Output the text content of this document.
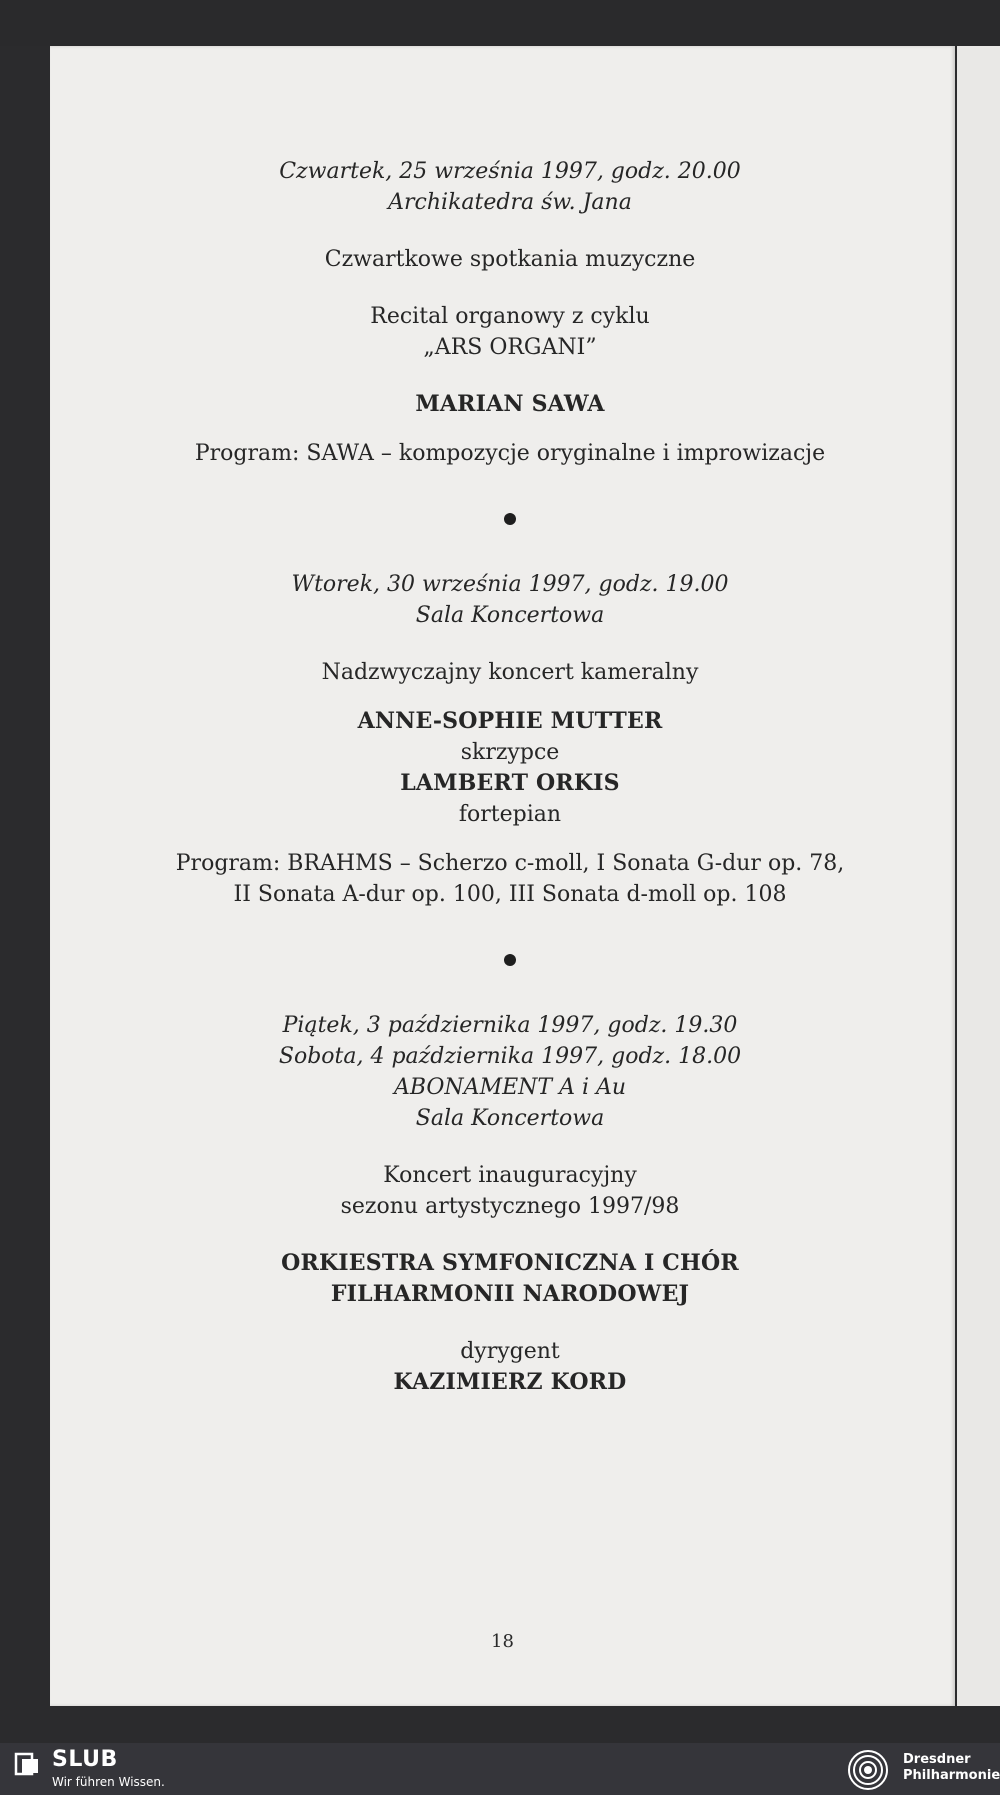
Czwartek, 25 września 1997, godz. 20.00

Archikatedra św. Jana

Czwartkowe spotkania muzyczne

Recital organowy z cyklu

„ARS ORGANI”

MARIAN SAWA

Program: SAWA – kompozycje oryginalne i improwizacje

Wtorek, 30 września 1997, godz. 19.00

Sala Koncertowa

Nadzwyczajny koncert kameralny

ANNE-SOPHIE MUTTER

skrzypce

LAMBERT ORKIS

fortepian

Program: BRAHMS – Scherzo c-moll, I Sonata G-dur op. 78,

II Sonata A-dur op. 100, III Sonata d-moll op. 108

Piątek, 3 października 1997, godz. 19.30

Sobota, 4 października 1997, godz. 18.00

ABONAMENT A i Au

Sala Koncertowa

Koncert inauguracyjny

sezonu artystycznego 1997/98

ORKIESTRA SYMFONICZNA I CHÓR

FILHARMONII NARODOWEJ

dyrygent

KAZIMIERZ KORD

18
SLUB
Wir führen Wissen.
Dresdner
Philharmonie
